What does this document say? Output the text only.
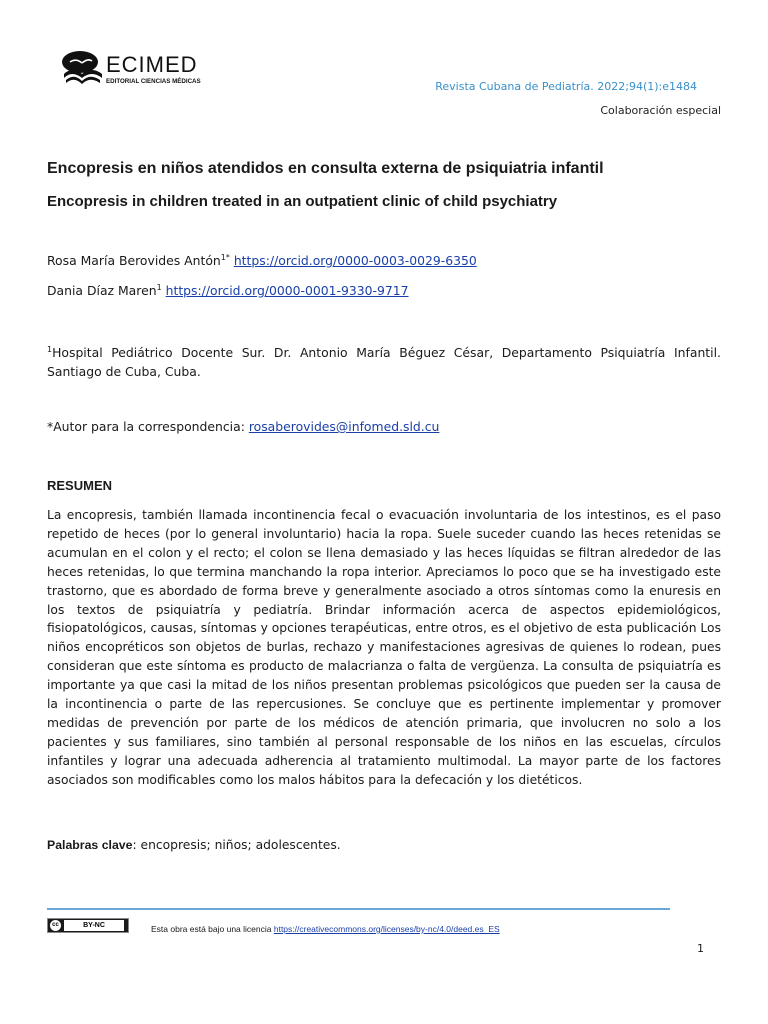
ECIMED
EDITORIAL CIENCIAS MÉDICAS	Revista Cubana de Pediatría. 2022;94(1):e1484
Colaboración especial
Encopresis en niños atendidos en consulta externa de psiquiatria infantil
Encopresis in children treated in an outpatient clinic of child psychiatry
Rosa María Berovides Antón$^{1*}$ https://orcid.org/0000-0003-0029-6350
Dania Díaz Maren$^1$ https://orcid.org/0000-0001-9330-9717
$^1$Hospital Pediátrico Docente Sur. Dr. Antonio María Béguez César, Departamento Psiquiatría Infantil. Santiago de Cuba, Cuba.
*Autor para la correspondencia: rosaberovides@infomed.sld.cu
RESUMEN

La encopresis, también llamada incontinencia fecal o evacuación involuntaria de los intestinos, es el paso repetido de heces (por lo general involuntario) hacia la ropa. Suele suceder cuando las heces retenidas se acumulan en el colon y el recto; el colon se llena demasiado y las heces líquidas se filtran alrededor de las heces retenidas, lo que termina manchando la ropa interior. Apreciamos lo poco que se ha investigado este trastorno, que es abordado de forma breve y generalmente asociado a otros síntomas como la enuresis en los textos de psiquiatría y pediatría. Brindar información acerca de aspectos epidemiológicos, fisiopatológicos, causas, síntomas y opciones terapéuticas, entre otros, es el objetivo de esta publicación Los niños encopréticos son objetos de burlas, rechazo y manifestaciones agresivas de quienes lo rodean, pues consideran que este síntoma es producto de malacrianza o falta de vergüenza. La consulta de psiquiatría es importante ya que casi la mitad de los niños presentan problemas psicológicos que pueden ser la causa de la incontinencia o parte de las repercusiones. Se concluye que es pertinente implementar y promover medidas de prevención por parte de los médicos de atención primaria, que involucren no solo a los pacientes y sus familiares, sino también al personal responsable de los niños en las escuelas, círculos infantiles y lograr una adecuada adherencia al tratamiento multimodal. La mayor parte de los factores asociados son modificables como los malos hábitos para la defecación y los dietéticos.

Palabras clave: encopresis; niños; adolescentes.
cc	BY-NC	Esta obra está bajo una licencia https://creativecommons.org/licenses/by-nc/4.0/deed.es_ES
1
